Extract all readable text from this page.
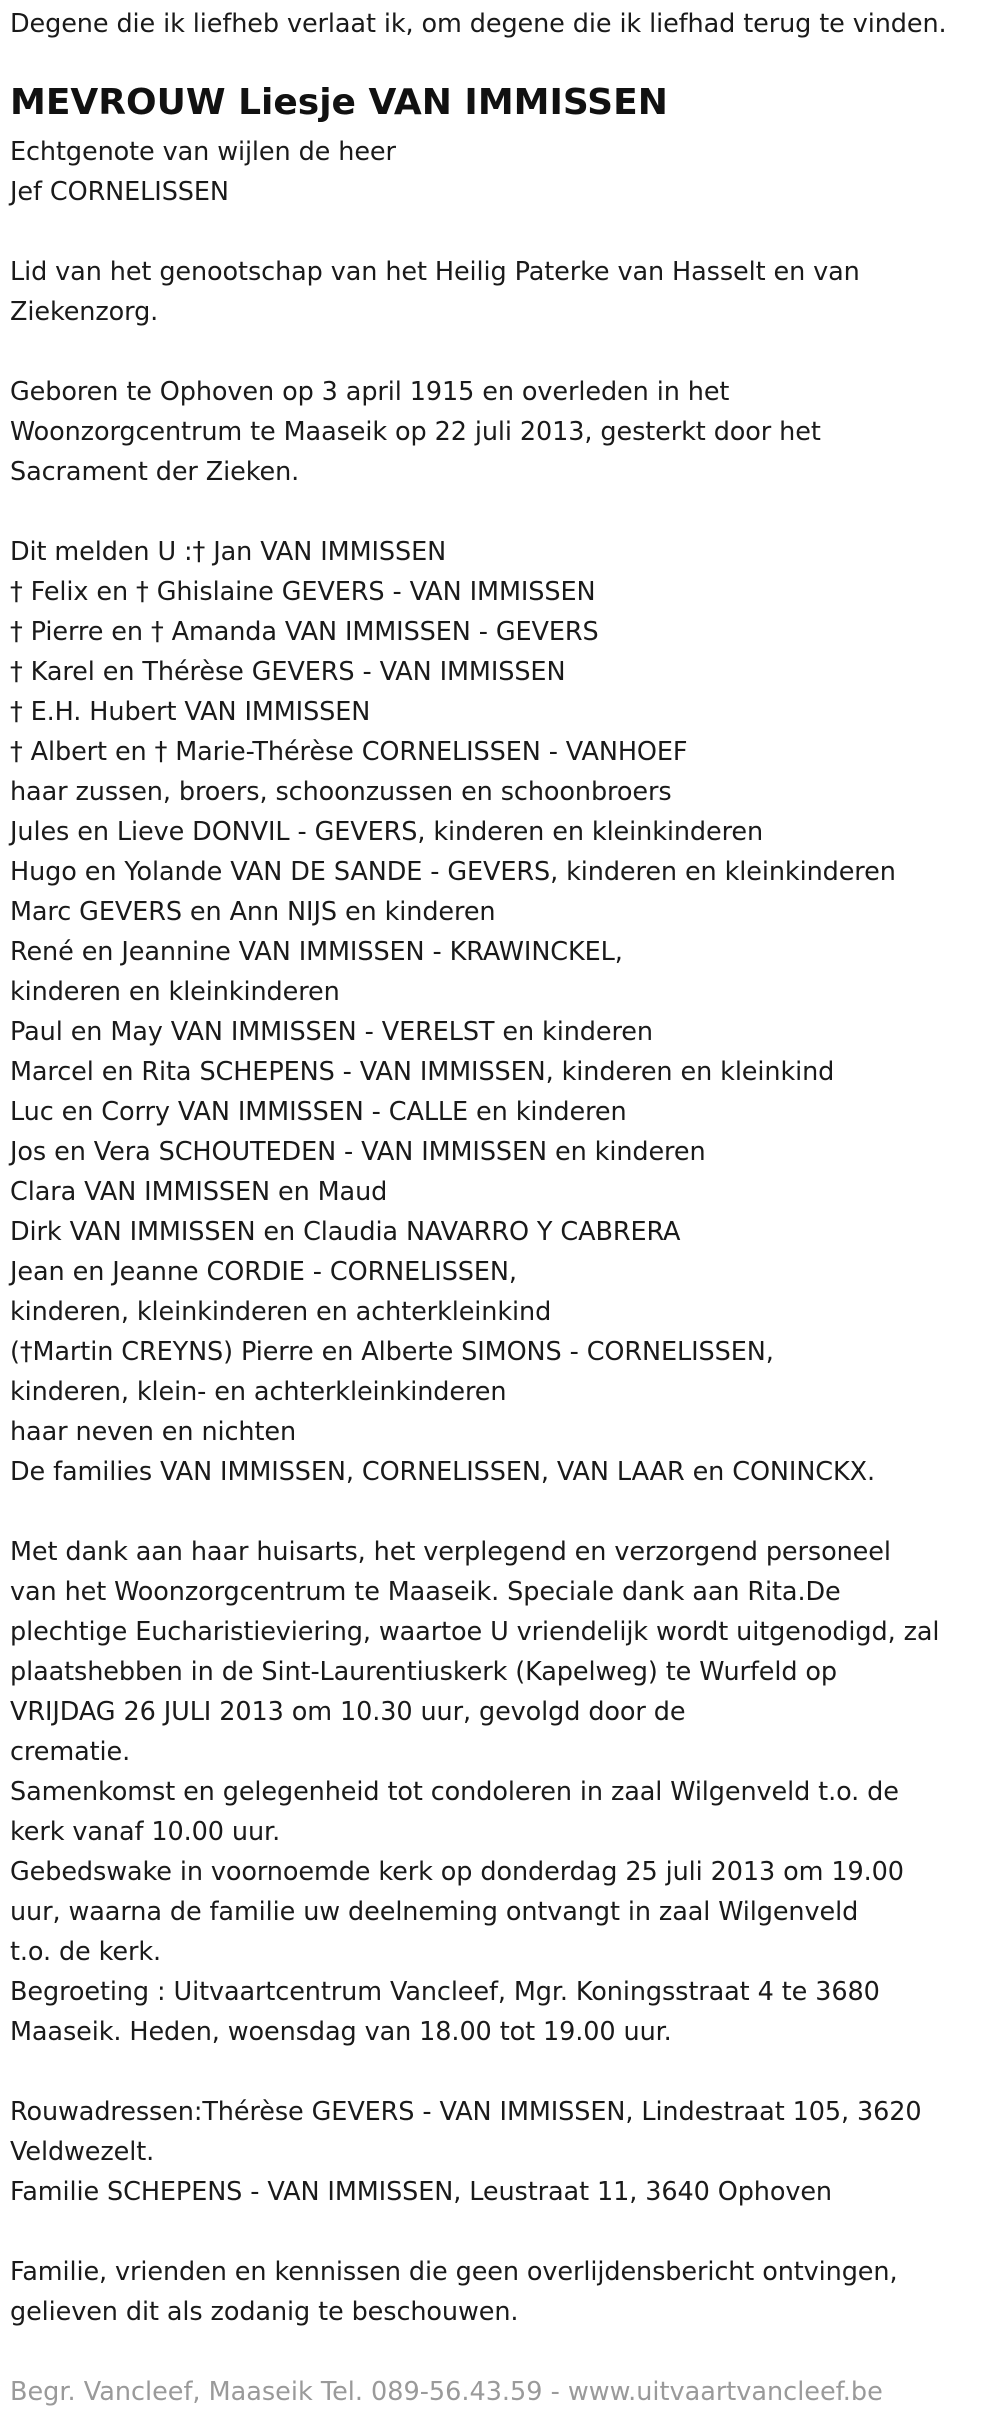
Degene die ik liefheb verlaat ik, om degene die ik liefhad terug te vinden.
MEVROUW Liesje VAN IMMISSEN
Echtgenote van wijlen de heer
Jef CORNELISSEN
Lid van het genootschap van het Heilig Paterke van Hasselt en van
Ziekenzorg.
Geboren te Ophoven op 3 april 1915 en overleden in het
Woonzorgcentrum te Maaseik op 22 juli 2013, gesterkt door het
Sacrament der Zieken.
Dit melden U :† Jan VAN IMMISSEN
† Felix en † Ghislaine GEVERS - VAN IMMISSEN
† Pierre en † Amanda VAN IMMISSEN - GEVERS
† Karel en Thérèse GEVERS - VAN IMMISSEN
† E.H. Hubert VAN IMMISSEN
† Albert en † Marie-Thérèse CORNELISSEN - VANHOEF
haar zussen, broers, schoonzussen en schoonbroers
Jules en Lieve DONVIL - GEVERS, kinderen en kleinkinderen
Hugo en Yolande VAN DE SANDE - GEVERS, kinderen en kleinkinderen
Marc GEVERS en Ann NIJS en kinderen
René en Jeannine VAN IMMISSEN - KRAWINCKEL,
kinderen en kleinkinderen
Paul en May VAN IMMISSEN - VERELST en kinderen
Marcel en Rita SCHEPENS - VAN IMMISSEN, kinderen en kleinkind
Luc en Corry VAN IMMISSEN - CALLE en kinderen
Jos en Vera SCHOUTEDEN - VAN IMMISSEN en kinderen
Clara VAN IMMISSEN en Maud
Dirk VAN IMMISSEN en Claudia NAVARRO Y CABRERA
Jean en Jeanne CORDIE - CORNELISSEN,
kinderen, kleinkinderen en achterkleinkind
(†Martin CREYNS) Pierre en Alberte SIMONS - CORNELISSEN,
kinderen, klein- en achterkleinkinderen
haar neven en nichten
De families VAN IMMISSEN, CORNELISSEN, VAN LAAR en CONINCKX.
Met dank aan haar huisarts, het verplegend en verzorgend personeel
van het Woonzorgcentrum te Maaseik. Speciale dank aan Rita.De
plechtige Eucharistieviering, waartoe U vriendelijk wordt uitgenodigd, zal
plaatshebben in de Sint-Laurentiuskerk (Kapelweg) te Wurfeld op
VRIJDAG 26 JULI 2013 om 10.30 uur, gevolgd door de
crematie.
Samenkomst en gelegenheid tot condoleren in zaal Wilgenveld t.o. de
kerk vanaf 10.00 uur.
Gebedswake in voornoemde kerk op donderdag 25 juli 2013 om 19.00
uur, waarna de familie uw deelneming ontvangt in zaal Wilgenveld
t.o. de kerk.
Begroeting : Uitvaartcentrum Vancleef, Mgr. Koningsstraat 4 te 3680
Maaseik. Heden, woensdag van 18.00 tot 19.00 uur.
Rouwadressen:Thérèse GEVERS - VAN IMMISSEN, Lindestraat 105, 3620
Veldwezelt.
Familie SCHEPENS - VAN IMMISSEN, Leustraat 11, 3640 Ophoven
Familie, vrienden en kennissen die geen overlijdensbericht ontvingen,
gelieven dit als zodanig te beschouwen.
Begr. Vancleef, Maaseik Tel. 089-56.43.59 - www.uitvaartvancleef.be
